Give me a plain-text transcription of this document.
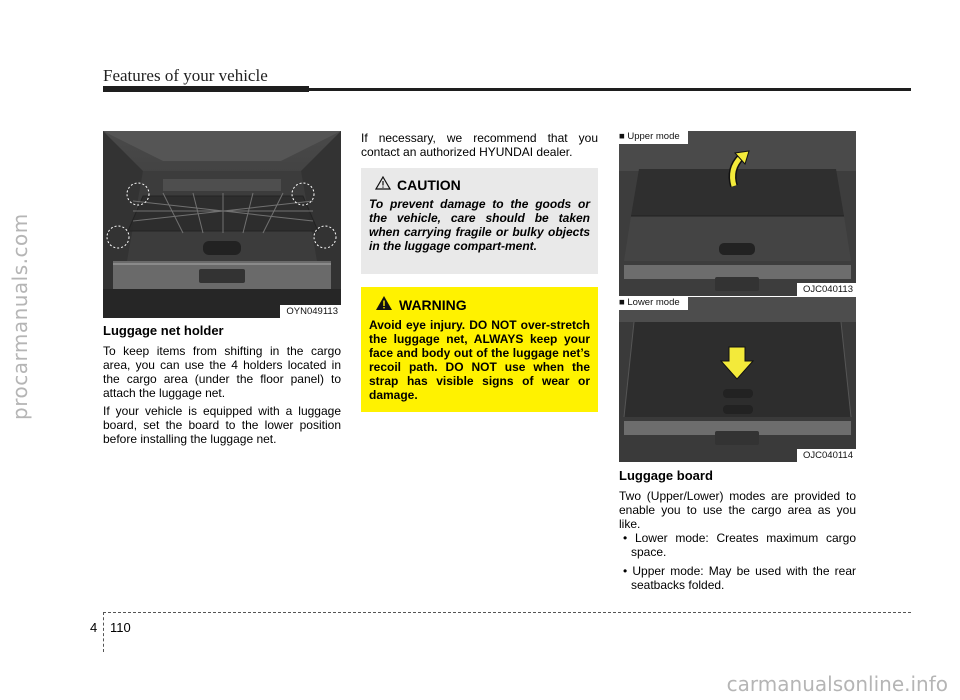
procarmanuals.com
carmanualsonline.info
Features of your vehicle
OYN049113

Luggage net holder

To keep items from shifting in the cargo area, you can use the 4 holders located in the cargo area (under the floor panel) to attach the luggage net.

If your vehicle is equipped with a luggage board, set the board to the lower position before installing the luggage net.

If necessary, we recommend that you contact an authorized HYUNDAI dealer.

CAUTION

To prevent damage to the goods or the vehicle, care should be taken when carrying fragile or bulky objects in the luggage compart-ment.

WARNING

Avoid eye injury. DO NOT over-stretch the luggage net, ALWAYS keep your face and body out of the luggage net’s recoil path. DO NOT use when the strap has visible signs of wear or damage.

■ Upper mode
OJC040113
■ Lower mode
OJC040114

Luggage board

Two (Upper/Lower) modes are provided to enable you to use the cargo area as you like.

• Lower mode: Creates maximum cargo space.
• Upper mode: May be used with the rear seatbacks folded.
4 110
